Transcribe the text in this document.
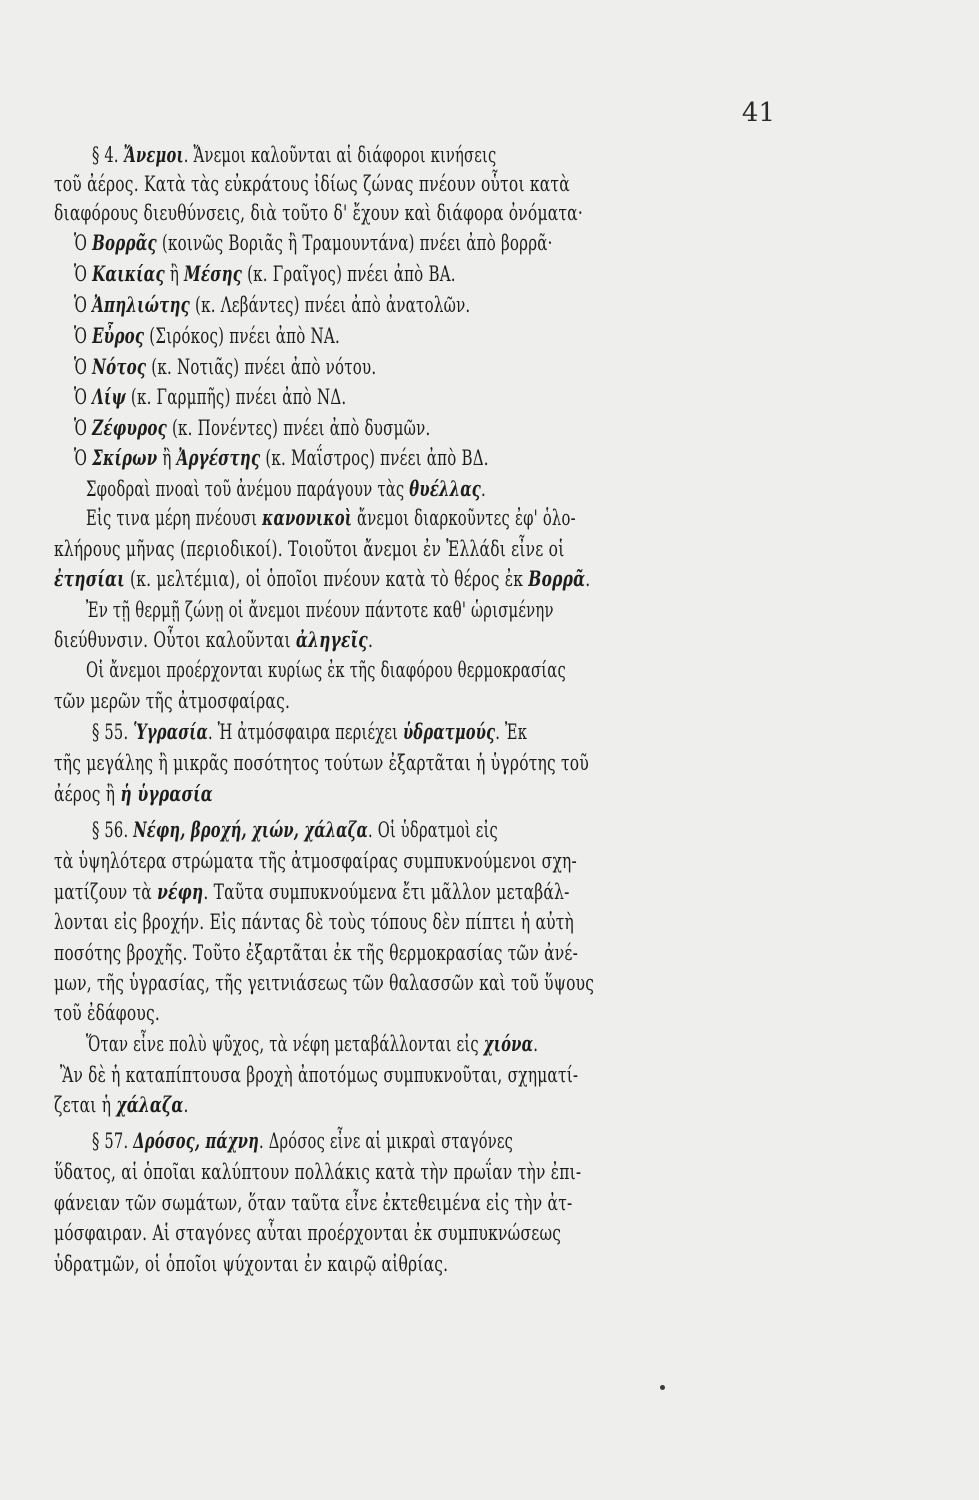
41
§ 4. Ἄνεμοι. Ἄνεμοι καλοῦνται αἱ διάφοροι κινήσεις
τοῦ ἀέρος. Κατὰ τὰς εὐκράτους ἰδίως ζώνας πνέουν οὗτοι κατὰ
διαφόρους διευθύνσεις, διὰ τοῦτο δ' ἔχουν καὶ διάφορα ὀνόματα·
Ὁ Βορρᾶς (κοινῶς Βοριᾶς ἢ Τραμουντάνα) πνέει ἀπὸ βορρᾶ·
Ὁ Καικίας ἢ Μέσης (κ. Γραῖγος) πνέει ἀπὸ ΒΑ.
Ὁ Ἀπηλιώτης (κ. Λεβάντες) πνέει ἀπὸ ἀνατολῶν.
Ὁ Εὖρος (Σιρόκος) πνέει ἀπὸ ΝΑ.
Ὁ Νότος (κ. Νοτιᾶς) πνέει ἀπὸ νότου.
Ὁ Λίψ (κ. Γαρμπῆς) πνέει ἀπὸ ΝΔ.
Ὁ Ζέφυρος (κ. Πονέντες) πνέει ἀπὸ δυσμῶν.
Ὁ Σκίρων ἢ Ἀργέστης (κ. Μαΐστρος) πνέει ἀπὸ ΒΔ.
Σφοδραὶ πνοαὶ τοῦ ἀνέμου παράγουν τὰς θυέλλας.
Εἰς τινα μέρη πνέουσι κανονικοὶ ἄνεμοι διαρκοῦντες ἐφ' ὁλο-
κλήρους μῆνας (περιοδικοί). Τοιοῦτοι ἄνεμοι ἐν Ἑλλάδι εἶνε οἱ
ἐτησίαι (κ. μελτέμια), οἱ ὁποῖοι πνέουν κατὰ τὸ θέρος ἐκ Βορρᾶ.
Ἐν τῇ θερμῇ ζώνῃ οἱ ἄνεμοι πνέουν πάντοτε καθ' ὡρισμένην
διεύθυνσιν. Οὗτοι καλοῦνται ἀληγεῖς.
Οἱ ἄνεμοι προέρχονται κυρίως ἐκ τῆς διαφόρου θερμοκρασίας
τῶν μερῶν τῆς ἀτμοσφαίρας.
§ 55. Ὑγρασία. Ἡ ἀτμόσφαιρα περιέχει ὑδρατμούς. Ἐκ
τῆς μεγάλης ἢ μικρᾶς ποσότητος τούτων ἐξαρτᾶται ἡ ὑγρότης τοῦ
ἀέρος ἢ ἡ ὑγρασία
§ 56. Νέφη, βροχή, χιών, χάλαζα. Οἱ ὑδρατμοὶ εἰς
τὰ ὑψηλότερα στρώματα τῆς ἀτμοσφαίρας συμπυκνούμενοι σχη-
ματίζουν τὰ νέφη. Ταῦτα συμπυκνούμενα ἔτι μᾶλλον μεταβάλ-
λονται εἰς βροχήν. Εἰς πάντας δὲ τοὺς τόπους δὲν πίπτει ἡ αὐτὴ
ποσότης βροχῆς. Τοῦτο ἐξαρτᾶται ἐκ τῆς θερμοκρασίας τῶν ἀνέ-
μων, τῆς ὑγρασίας, τῆς γειτνιάσεως τῶν θαλασσῶν καὶ τοῦ ὕψους
τοῦ ἐδάφους.
Ὅταν εἶνε πολὺ ψῦχος, τὰ νέφη μεταβάλλονται εἰς χιόνα.
Ἂν δὲ ἡ καταπίπτουσα βροχὴ ἀποτόμως συμπυκνοῦται, σχηματί-
ζεται ἡ χάλαζα.
§ 57. Δρόσος, πάχνη. Δρόσος εἶνε αἱ μικραὶ σταγόνες
ὕδατος, αἱ ὁποῖαι καλύπτουν πολλάκις κατὰ τὴν πρωΐαν τὴν ἐπι-
φάνειαν τῶν σωμάτων, ὅταν ταῦτα εἶνε ἐκτεθειμένα εἰς τὴν ἀτ-
μόσφαιραν. Αἱ σταγόνες αὗται προέρχονται ἐκ συμπυκνώσεως
ὑδρατμῶν, οἱ ὁποῖοι ψύχονται ἐν καιρῷ αἰθρίας.
